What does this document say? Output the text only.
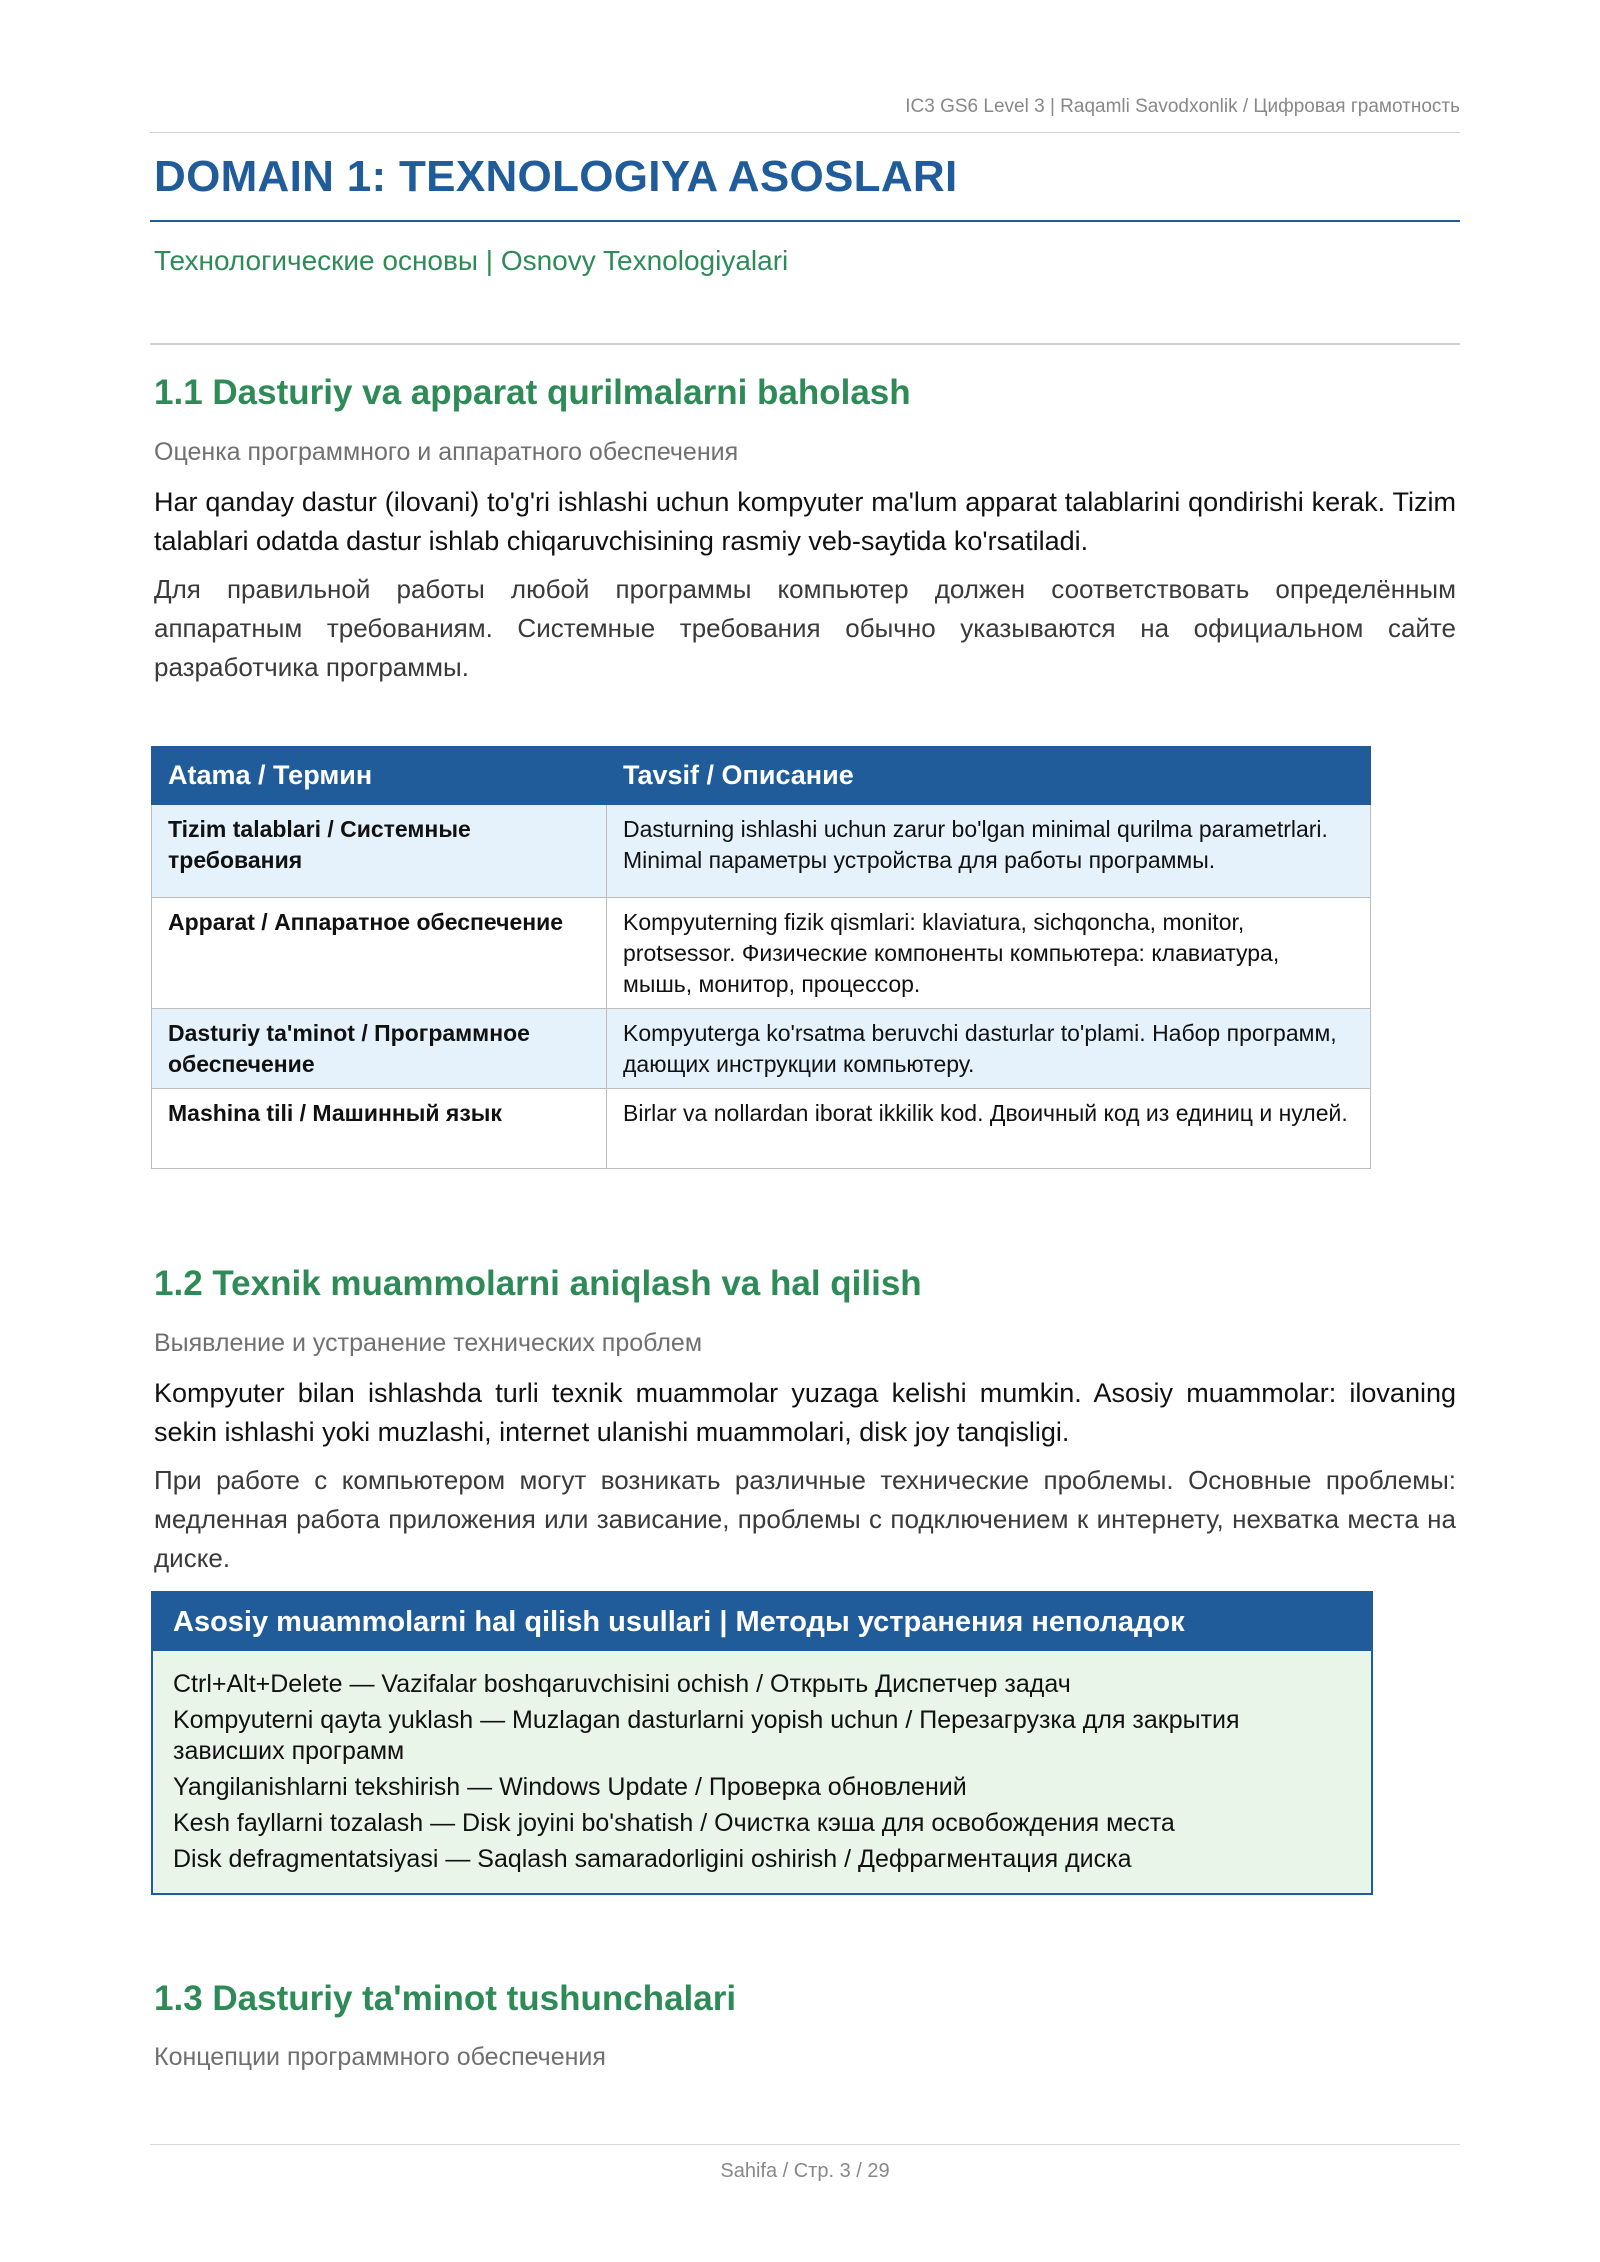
IC3 GS6 Level 3 | Raqamli Savodxonlik / Цифровая грамотность
DOMAIN 1: TEXNOLOGIYA ASOSLARI
Технологические основы | Osnovy Texnologiyalari
1.1 Dasturiy va apparat qurilmalarni baholash
Оценка программного и аппаратного обеспечения

Har qanday dastur (ilovani) to'g'ri ishlashi uchun kompyuter ma'lum apparat talablarini qondirishi kerak. Tizim talablari odatda dastur ishlab chiqaruvchisining rasmiy veb-saytida ko'rsatiladi.

Для правильной работы любой программы компьютер должен соответствовать определённым аппаратным требованиям. Системные требования обычно указываются на официальном сайте разработчика программы.

Atama / Термин	Tavsif / Описание
Tizim talablari / Системные требования	Dasturning ishlashi uchun zarur bo'lgan minimal qurilma parametrlari. Minimal параметры устройства для работы программы.
Apparat / Аппаратное обеспечение	Kompyuterning fizik qismlari: klaviatura, sichqoncha, monitor, protsessor. Физические компоненты компьютера: клавиатура, мышь, монитор, процессор.
Dasturiy ta'minot / Программное обеспечение	Kompyuterga ko'rsatma beruvchi dasturlar to'plami. Набор программ, дающих инструкции компьютеру.
Mashina tili / Машинный язык	Birlar va nollardan iborat ikkilik kod. Двоичный код из единиц и нулей.
1.2 Texnik muammolarni aniqlash va hal qilish
Выявление и устранение технических проблем

Kompyuter bilan ishlashda turli texnik muammolar yuzaga kelishi mumkin. Asosiy muammolar: ilovaning sekin ishlashi yoki muzlashi, internet ulanishi muammolari, disk joy tanqisligi.

При работе с компьютером могут возникать различные технические проблемы. Основные проблемы: медленная работа приложения или зависание, проблемы с подключением к интернету, нехватка места на диске.

Asosiy muammolarni hal qilish usullari | Методы устранения неполадок
Ctrl+Alt+Delete — Vazifalar boshqaruvchisini ochish / Открыть Диспетчер задач
Kompyuterni qayta yuklash — Muzlagan dasturlarni yopish uchun / Перезагрузка для закрытия зависших программ
Yangilanishlarni tekshirish — Windows Update / Проверка обновлений
Kesh fayllarni tozalash — Disk joyini bo'shatish / Очистка кэша для освобождения места
Disk defragmentatsiyasi — Saqlash samaradorligini oshirish / Дефрагментация диска
1.3 Dasturiy ta'minot tushunchalari
Концепции программного обеспечения
Sahifa / Стр. 3 / 29
